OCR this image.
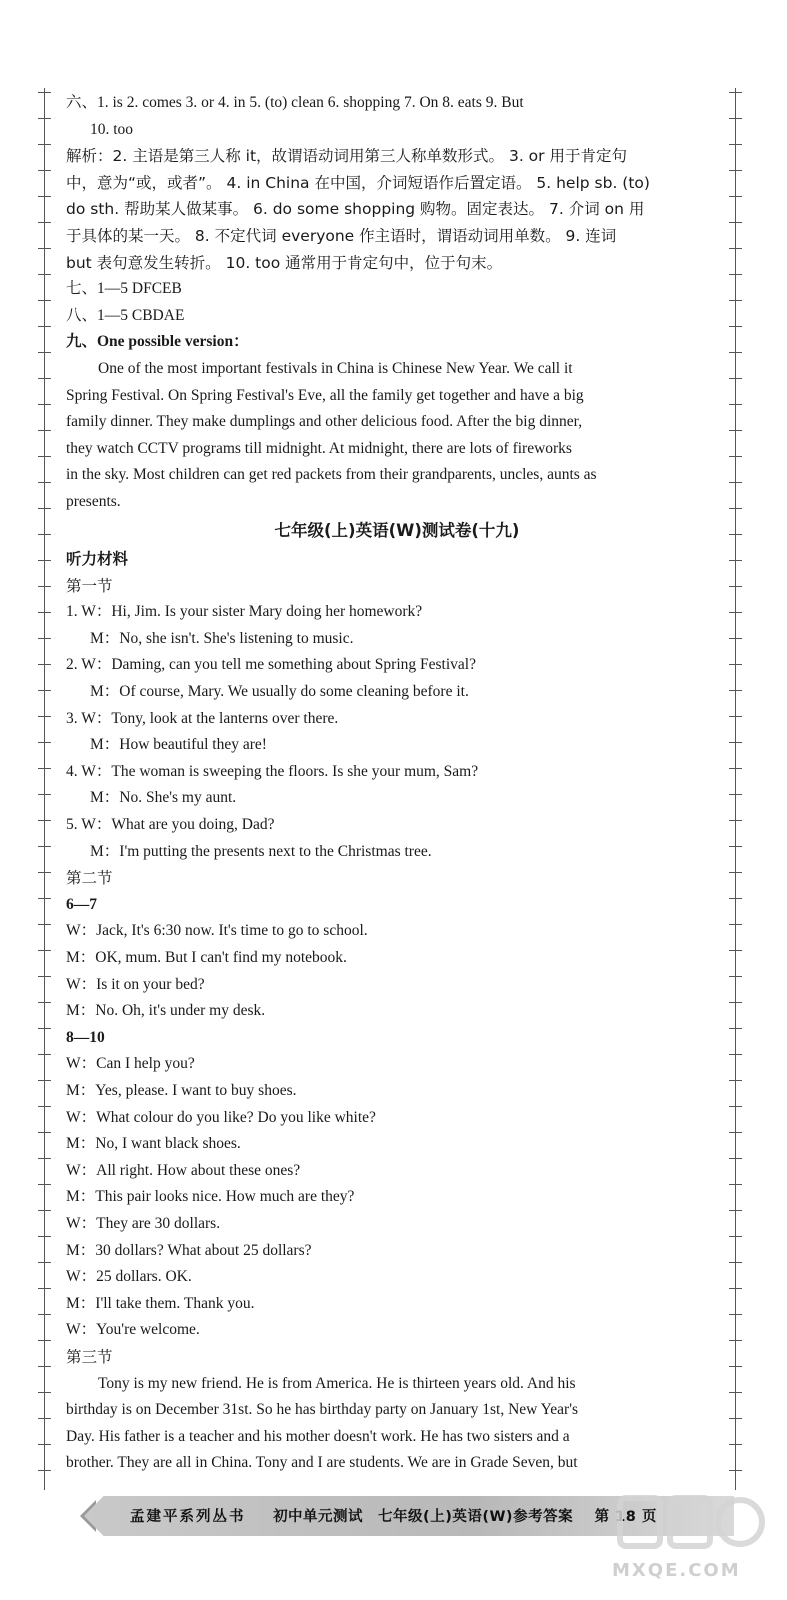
六、1. is 2. comes 3. or 4. in 5. (to) clean 6. shopping 7. On 8. eats 9. But
10. too
解析：2. 主语是第三人称 it，故谓语动词用第三人称单数形式。 3. or 用于肯定句
中，意为“或，或者”。 4. in China 在中国，介词短语作后置定语。 5. help sb. (to)
do sth. 帮助某人做某事。 6. do some shopping 购物。固定表达。 7. 介词 on 用
于具体的某一天。 8. 不定代词 everyone 作主语时，谓语动词用单数。 9. 连词
but 表句意发生转折。 10. too 通常用于肯定句中，位于句末。
七、1—5 DFCEB
八、1—5 CBDAE
九、One possible version：
One of the most important festivals in China is Chinese New Year. We call it
Spring Festival. On Spring Festival's Eve, all the family get together and have a big
family dinner. They make dumplings and other delicious food. After the big dinner,
they watch CCTV programs till midnight. At midnight, there are lots of fireworks
in the sky. Most children can get red packets from their grandparents, uncles, aunts as
presents.
七年级(上)英语(W)测试卷(十九)
听力材料
第一节
1. W：Hi, Jim. Is your sister Mary doing her homework?
M：No, she isn't. She's listening to music.
2. W：Daming, can you tell me something about Spring Festival?
M：Of course, Mary. We usually do some cleaning before it.
3. W：Tony, look at the lanterns over there.
M：How beautiful they are!
4. W：The woman is sweeping the floors. Is she your mum, Sam?
M：No. She's my aunt.
5. W：What are you doing, Dad?
M：I'm putting the presents next to the Christmas tree.
第二节
6—7
W：Jack, It's 6:30 now. It's time to go to school.
M：OK, mum. But I can't find my notebook.
W：Is it on your bed?
M：No. Oh, it's under my desk.
8—10
W：Can I help you?
M：Yes, please. I want to buy shoes.
W：What colour do you like? Do you like white?
M：No, I want black shoes.
W：All right. How about these ones?
M：This pair looks nice. How much are they?
W：They are 30 dollars.
M：30 dollars? What about 25 dollars?
W：25 dollars. OK.
M：I'll take them. Thank you.
W：You're welcome.
第三节
Tony is my new friend. He is from America. He is thirteen years old. And his
birthday is on December 31st. So he has birthday party on January 1st, New Year's
Day. His father is a teacher and his mother doesn't work. He has two sisters and a
brother. They are all in China. Tony and I are students. We are in Grade Seven, but
孟建平系列丛书 初中单元测试　七年级(上)英语(W)参考答案 第 18 页
MXQE.COM
